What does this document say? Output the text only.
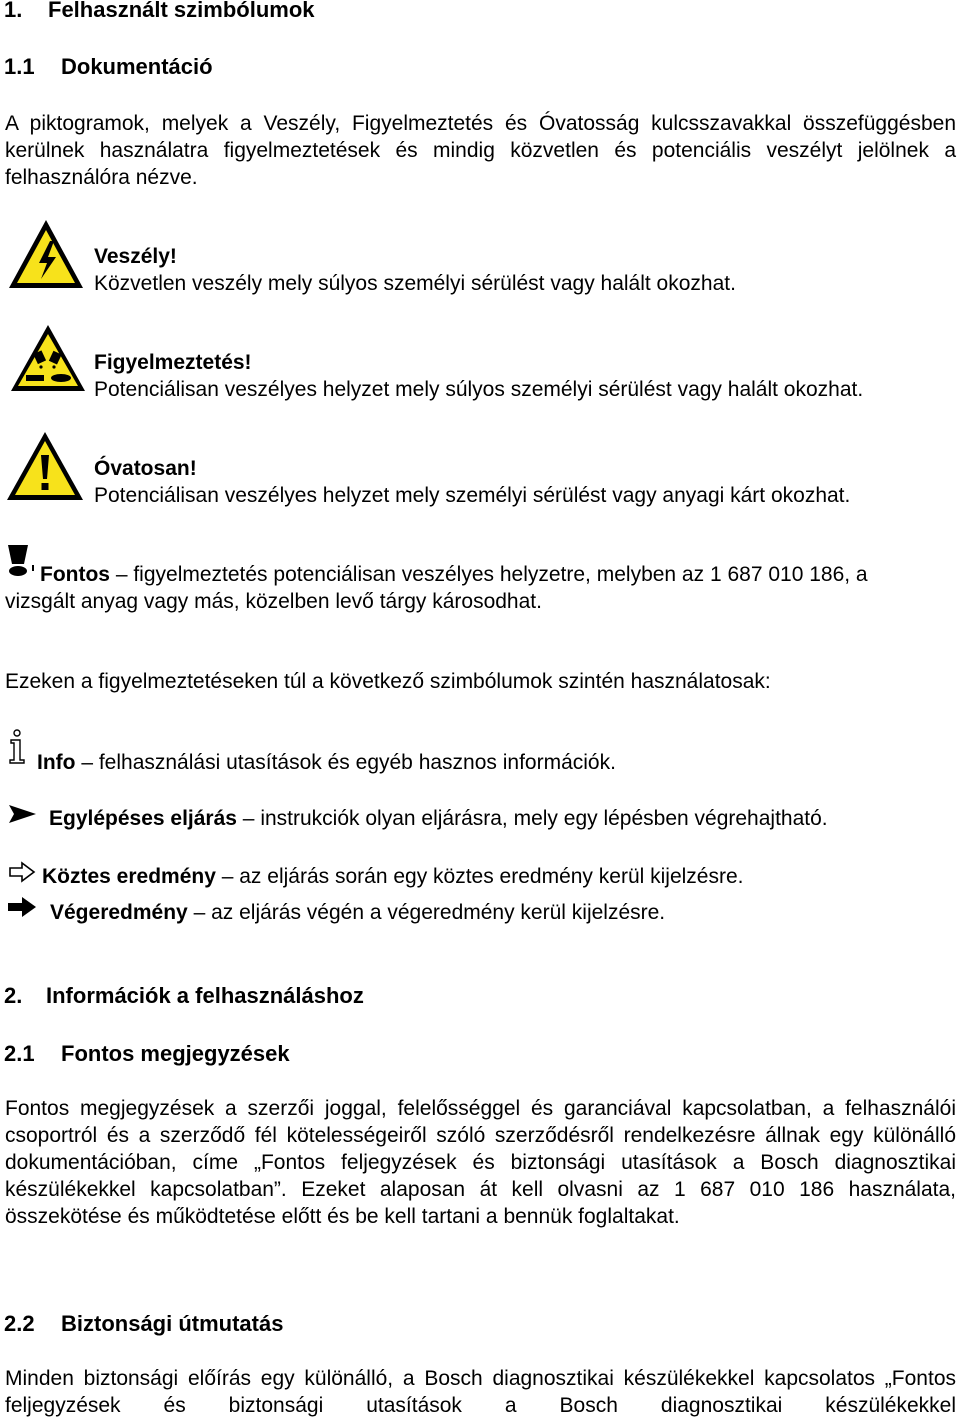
1. Felhasznált szimbólumok
1.1 Dokumentáció
A piktogramok, melyek a Veszély, Figyelmeztetés és Óvatosság kulcsszavakkal összefüggésben kerülnek használatra figyelmeztetések és mindig közvetlen és potenciális veszélyt jelölnek a felhasználóra nézve.
Veszély!
Közvetlen veszély mely súlyos személyi sérülést vagy halált okozhat.
Figyelmeztetés!
Potenciálisan veszélyes helyzet mely súlyos személyi sérülést vagy halált okozhat.
Óvatosan!
Potenciálisan veszélyes helyzet mely személyi sérülést vagy anyagi kárt okozhat.
Fontos – figyelmeztetés potenciálisan veszélyes helyzetre, melyben az 1 687 010 186, a
vizsgált anyag vagy más, közelben levő tárgy károsodhat.
Ezeken a figyelmeztetéseken túl a következő szimbólumok szintén használatosak:
Info – felhasználási utasítások és egyéb hasznos információk.
Egylépéses eljárás – instrukciók olyan eljárásra, mely egy lépésben végrehajtható.
Köztes eredmény – az eljárás során egy köztes eredmény kerül kijelzésre.
Végeredmény – az eljárás végén a végeredmény kerül kijelzésre.
2. Információk a felhasználáshoz
2.1 Fontos megjegyzések
Fontos megjegyzések a szerzői joggal, felelősséggel és garanciával kapcsolatban, a felhasználói csoportról és a szerződő fél kötelességeiről szóló szerződésről rendelkezésre állnak egy különálló dokumentációban, címe „Fontos feljegyzések és biztonsági utasítások a Bosch diagnosztikai készülékekkel kapcsolatban”. Ezeket alaposan át kell olvasni az 1 687 010 186 használata, összekötése és működtetése előtt és be kell tartani a bennük foglaltakat.
2.2 Biztonsági útmutatás
Minden biztonsági előírás egy különálló, a Bosch diagnosztikai készülékekkel kapcsolatos „Fontos feljegyzések és biztonsági utasítások a Bosch diagnosztikai készülékekkel
